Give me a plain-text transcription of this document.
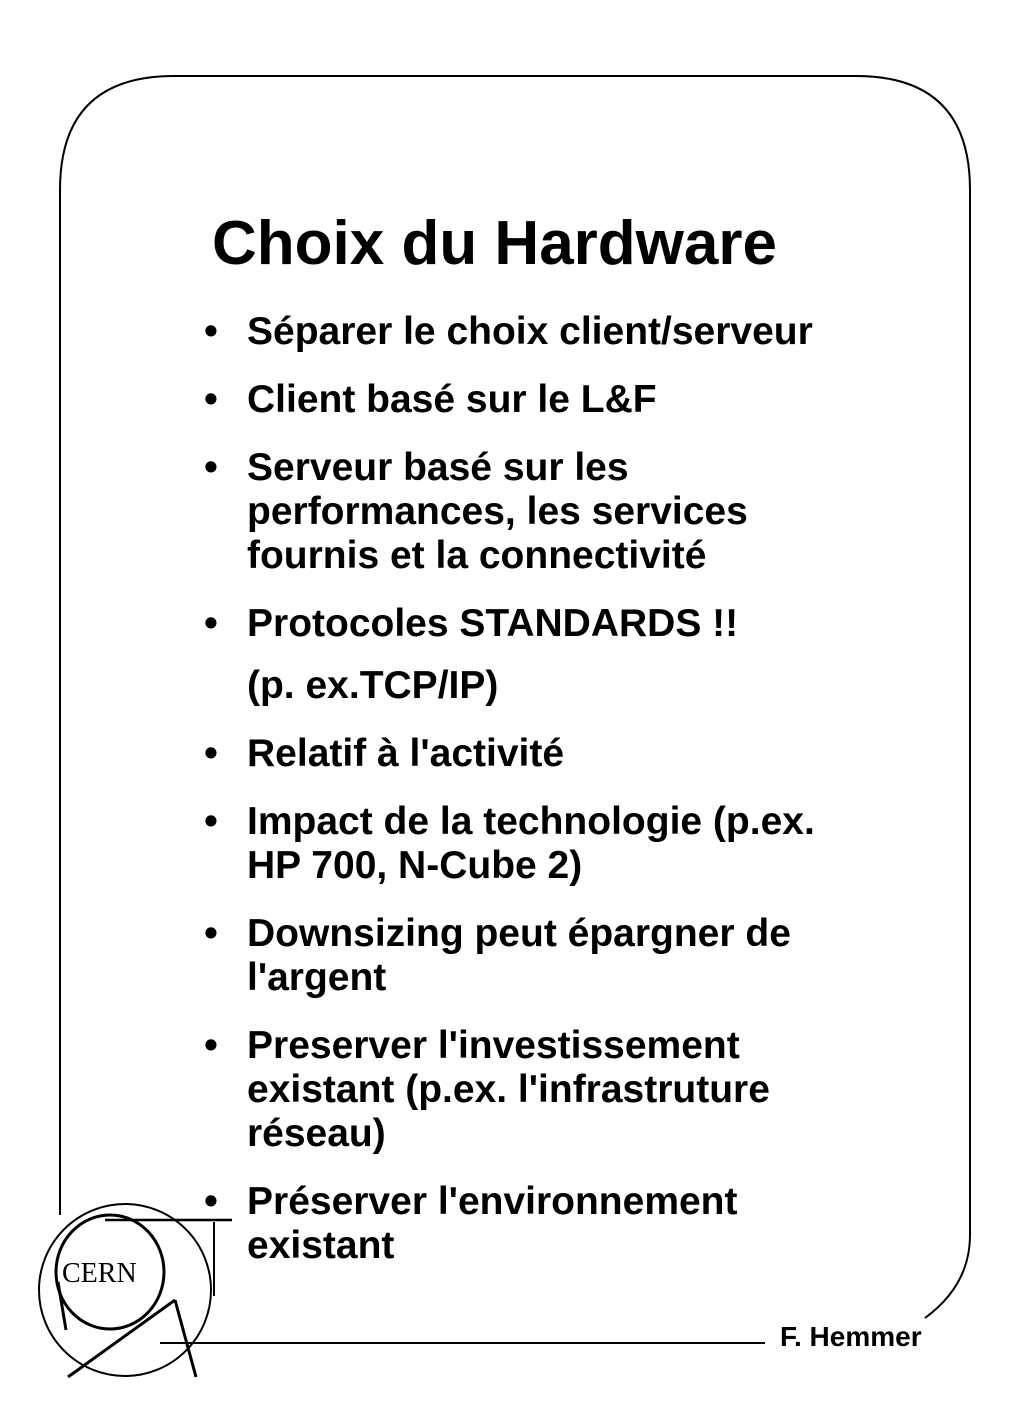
CERN
Choix du Hardware
• Séparer le choix client/serveur
• Client basé sur le L&F
• Serveur basé sur les
performances, les services
fournis et la connectivité
• Protocoles STANDARDS !!
(p. ex.TCP/IP)
• Relatif à l'activité
• Impact de la technologie (p.ex.
HP 700, N-Cube 2)
• Downsizing peut épargner de
l'argent
• Preserver l'investissement
existant (p.ex. l'infrastruture
réseau)
• Préserver l'environnement
existant
F. Hemmer
